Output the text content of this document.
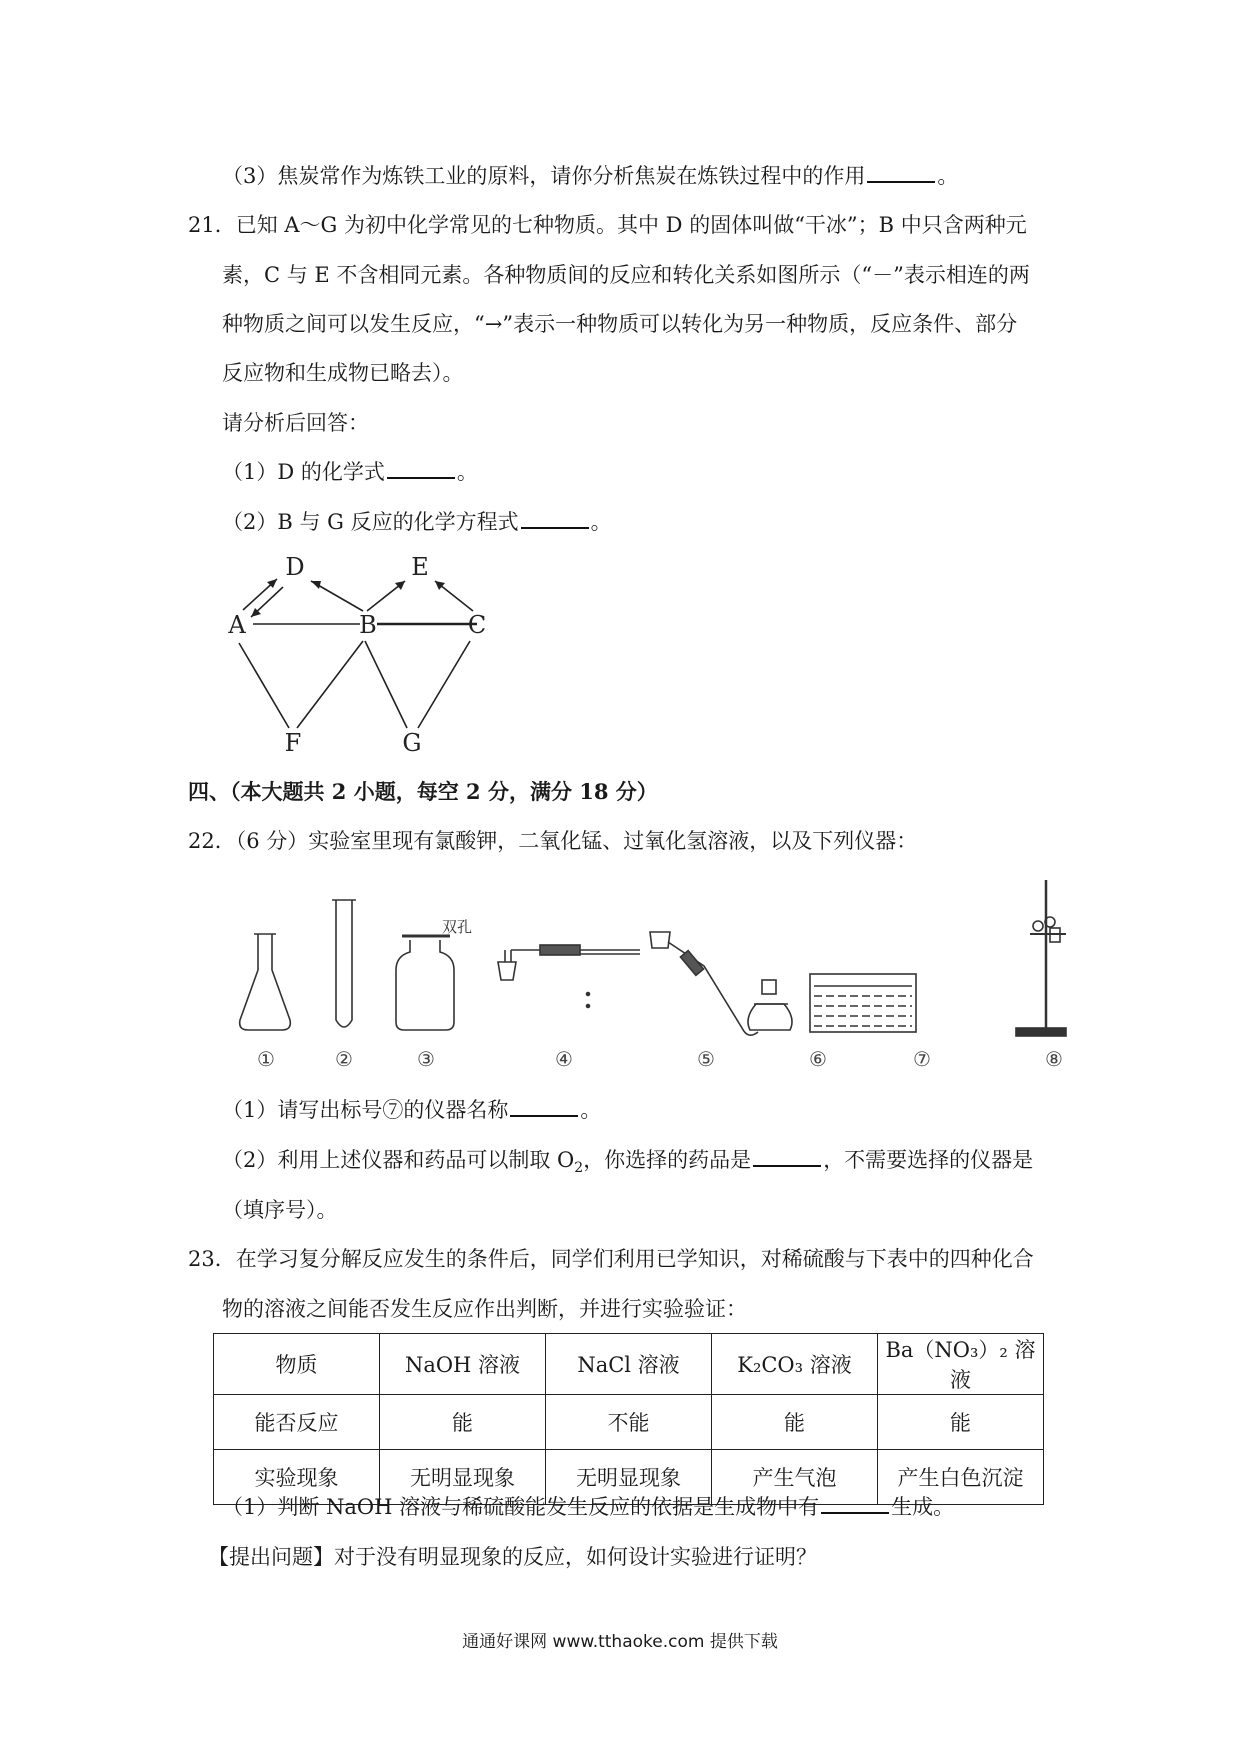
（3）焦炭常作为炼铁工业的原料，请你分析焦炭在炼铁过程中的作用	。
21．已知 A～G 为初中化学常见的七种物质。其中 D 的固体叫做“干冰”；B 中只含两种元
素，C 与 E 不含相同元素。各种物质间的反应和转化关系如图所示（“－”表示相连的两
种物质之间可以发生反应，“→”表示一种物质可以转化为另一种物质，反应条件、部分
反应物和生成物已略去）。
请分析后回答：
（1）D 的化学式	。
（2）B 与 G 反应的化学方程式	。
A
D
B
E
C
F	G
四、（本大题共 2 小题，每空 2 分，满分 18 分）
22．（6 分）实验室里现有氯酸钾，二氧化锰、过氧化氢溶液，以及下列仪器：
双孔
①	②	③	④	⑤	⑥	⑦	⑧
（1）请写出标号⑦的仪器名称	。
（2）利用上述仪器和药品可以制取 $O_2$，你选择的药品是	，不需要选择的仪器是
（填序号）。
23．在学习复分解反应发生的条件后，同学们利用已学知识，对稀硫酸与下表中的四种化合
物的溶液之间能否发生反应作出判断，并进行实验验证：
物质	NaOH 溶液	NaCl 溶液	K₂CO₃ 溶液	Ba（NO₃）₂ 溶液
能否反应	能	不能	能	能
实验现象	无明显现象	无明显现象	产生气泡	产生白色沉淀
（1）判断 NaOH 溶液与稀硫酸能发生反应的依据是生成物中有	生成。
【提出问题】对于没有明显现象的反应，如何设计实验进行证明？
通通好课网 www.tthaoke.com 提供下载
